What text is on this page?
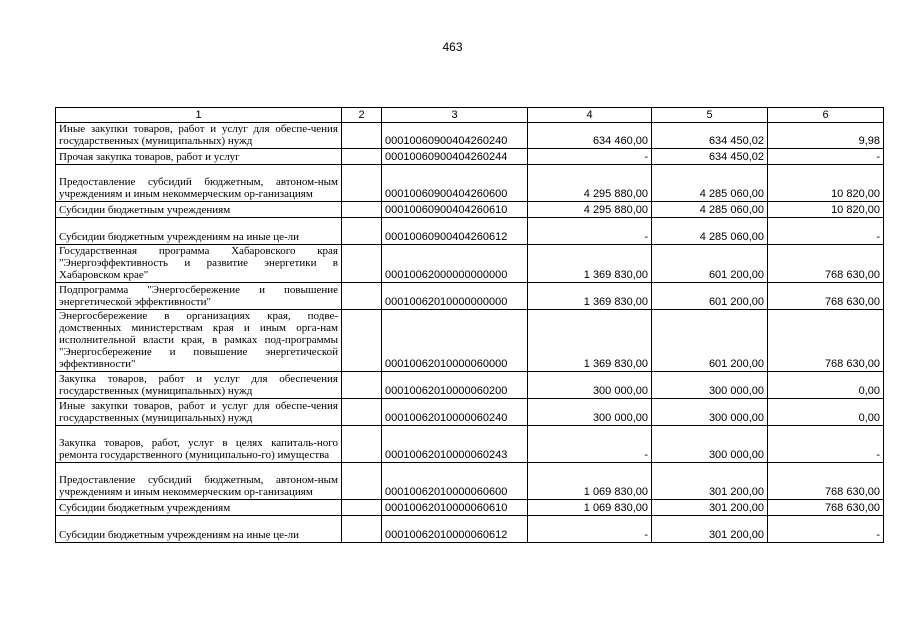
463
1	2	3	4	5	6
Иные закупки товаров, работ и услуг для обеспе-чения государственных (муниципальных) нужд		00010060900404260240	634 460,00	634 450,02	9,98
Прочая закупка товаров, работ и услуг		00010060900404260244	-	634 450,02	-
Предоставление субсидий бюджетным, автоном-ным учреждениям и иным некоммерческим ор-ганизациям		00010060900404260600	4 295 880,00	4 285 060,00	10 820,00
Субсидии бюджетным учреждениям		00010060900404260610	4 295 880,00	4 285 060,00	10 820,00
Субсидии бюджетным учреждениям на иные це-ли		00010060900404260612	-	4 285 060,00	-
Государственная программа Хабаровского края "Энергоэффективность и развитие энергетики в Хабаровском крае"		00010062000000000000	1 369 830,00	601 200,00	768 630,00
Подпрограмма "Энергосбережение и повышение энергетической эффективности"		00010062010000000000	1 369 830,00	601 200,00	768 630,00
Энергосбережение в организациях края, подве-домственных министерствам края и иным орга-нам исполнительной власти края, в рамках под-программы "Энергосбережение и повышение энергетической эффективности"		00010062010000060000	1 369 830,00	601 200,00	768 630,00
Закупка товаров, работ и услуг для обеспечения государственных (муниципальных) нужд		00010062010000060200	300 000,00	300 000,00	0,00
Иные закупки товаров, работ и услуг для обеспе-чения государственных (муниципальных) нужд		00010062010000060240	300 000,00	300 000,00	0,00
Закупка товаров, работ, услуг в целях капиталь-ного ремонта государственного (муниципально-го) имущества		00010062010000060243	-	300 000,00	-
Предоставление субсидий бюджетным, автоном-ным учреждениям и иным некоммерческим ор-ганизациям		00010062010000060600	1 069 830,00	301 200,00	768 630,00
Субсидии бюджетным учреждениям		00010062010000060610	1 069 830,00	301 200,00	768 630,00
Субсидии бюджетным учреждениям на иные це-ли		00010062010000060612	-	301 200,00	-
